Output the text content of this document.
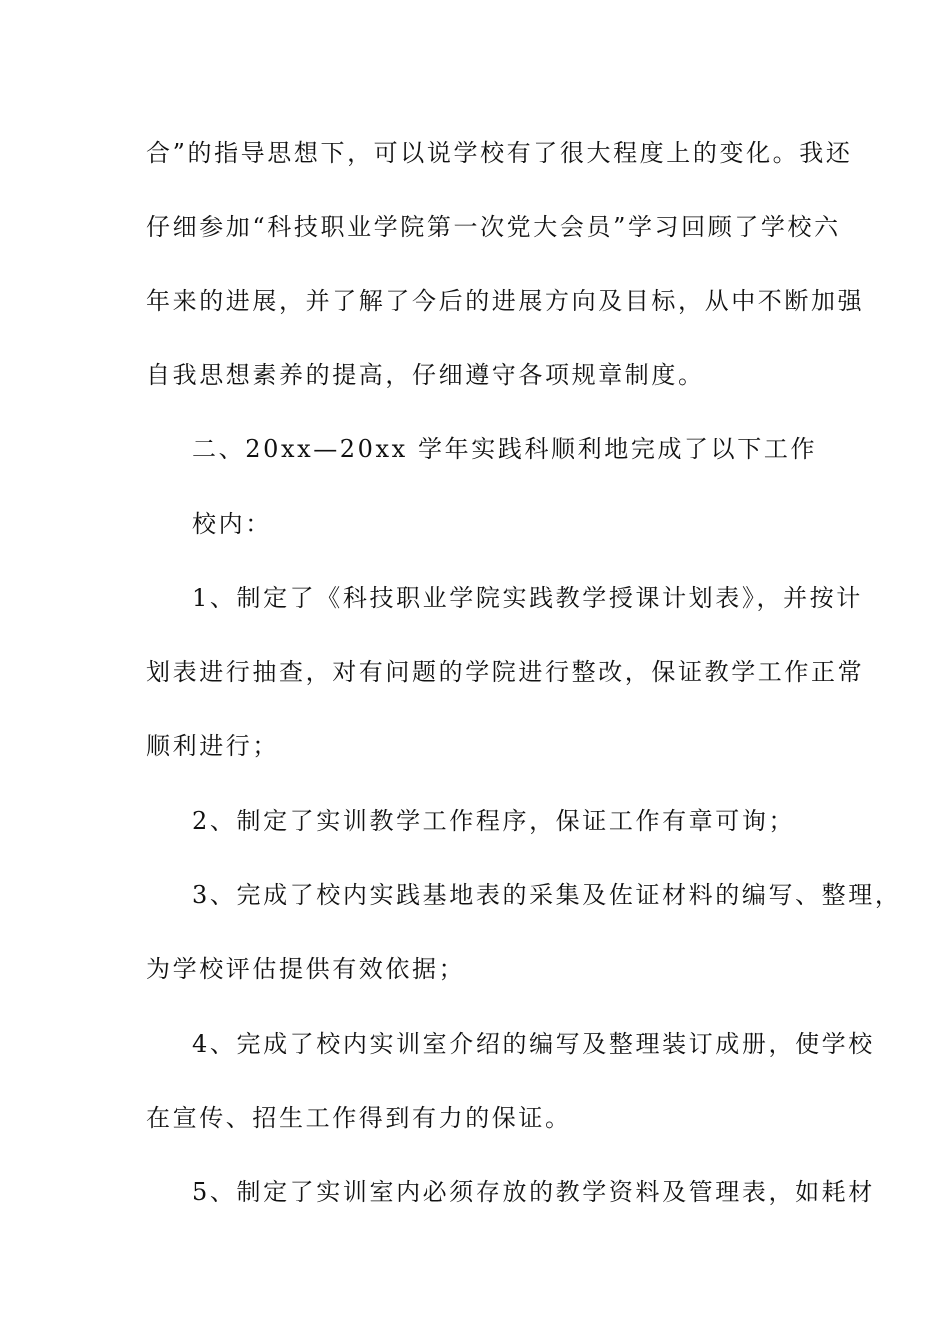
合”的指导思想下，可以说学校有了很大程度上的变化。我还
仔细参加“科技职业学院第一次党大会员”学习回顾了学校六
年来的进展，并了解了今后的进展方向及目标，从中不断加强
自我思想素养的提高，仔细遵守各项规章制度。
二、20xx—20xx 学年实践科顺利地完成了以下工作
校内：
1、制定了《科技职业学院实践教学授课计划表》，并按计
划表进行抽查，对有问题的学院进行整改，保证教学工作正常
顺利进行；
2、制定了实训教学工作程序，保证工作有章可询；
3、完成了校内实践基地表的采集及佐证材料的编写、整理，
为学校评估提供有效依据；
4、完成了校内实训室介绍的编写及整理装订成册，使学校
在宣传、招生工作得到有力的保证。
5、制定了实训室内必须存放的教学资料及管理表，如耗材
